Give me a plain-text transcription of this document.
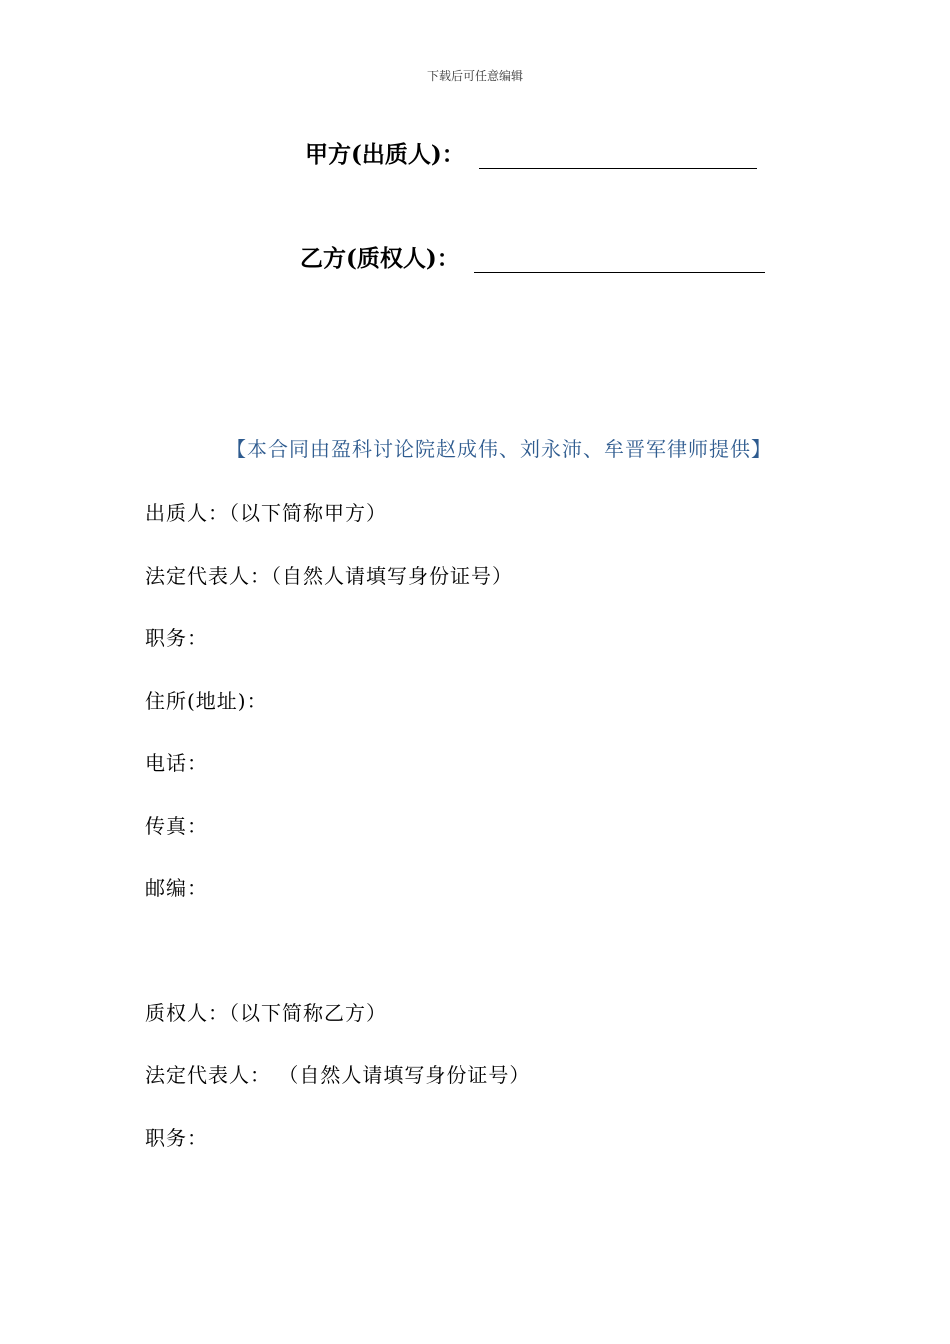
下载后可任意编辑
甲方(出质人)：
乙方(质权人)：
【本合同由盈科讨论院赵成伟、刘永沛、牟晋军律师提供】
出质人：（以下简称甲方）
法定代表人：（自然人请填写身份证号）
职务：
住所(地址)：
电话：
传真：
邮编：
质权人：（以下简称乙方）
法定代表人： （自然人请填写身份证号）
职务：
